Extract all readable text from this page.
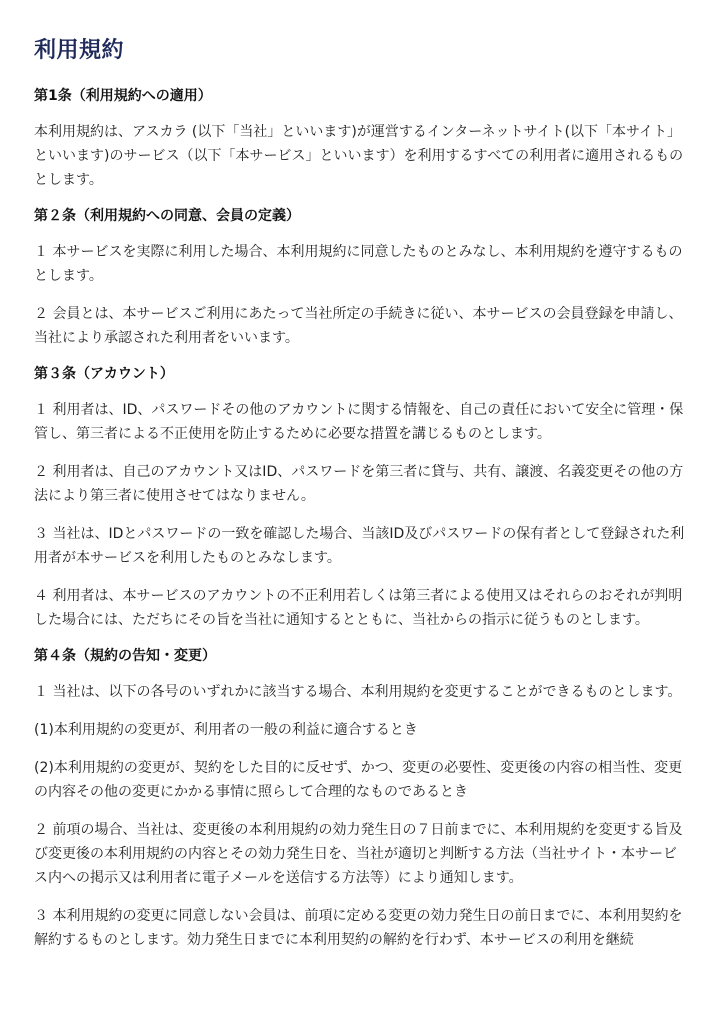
利用規約
第1条（利用規約への適用）

本利用規約は、アスカラ (以下「当社」といいます)が運営するインターネットサイト(以下「本サイト」といいます)のサービス（以下「本サービス」といいます）を利用するすべての利用者に適用されるものとします。

第２条（利用規約への同意、会員の定義）

１ 本サービスを実際に利用した場合、本利用規約に同意したものとみなし、本利用規約を遵守するものとします。

２ 会員とは、本サービスご利用にあたって当社所定の手続きに従い、本サービスの会員登録を申請し、当社により承認された利用者をいいます。

第３条（アカウント）

１ 利用者は、ID、パスワードその他のアカウントに関する情報を、自己の責任において安全に管理・保管し、第三者による不正使用を防止するために必要な措置を講じるものとします。

２ 利用者は、自己のアカウント又はID、パスワードを第三者に貸与、共有、譲渡、名義変更その他の方法により第三者に使用させてはなりません。

３ 当社は、IDとパスワードの一致を確認した場合、当該ID及びパスワードの保有者として登録された利用者が本サービスを利用したものとみなします。

４ 利用者は、本サービスのアカウントの不正利用若しくは第三者による使用又はそれらのおそれが判明した場合には、ただちにその旨を当社に通知するとともに、当社からの指示に従うものとします。

第４条（規約の告知・変更）

１ 当社は、以下の各号のいずれかに該当する場合、本利用規約を変更することができるものとします。

(1)本利用規約の変更が、利用者の一般の利益に適合するとき

(2)本利用規約の変更が、契約をした目的に反せず、かつ、変更の必要性、変更後の内容の相当性、変更の内容その他の変更にかかる事情に照らして合理的なものであるとき

２ 前項の場合、当社は、変更後の本利用規約の効力発生日の７日前までに、本利用規約を変更する旨及び変更後の本利用規約の内容とその効力発生日を、当社が適切と判断する方法（当社サイト・本サービス内への掲示又は利用者に電子メールを送信する方法等）により通知します。

３ 本利用規約の変更に同意しない会員は、前項に定める変更の効力発生日の前日までに、本利用契約を解約するものとします。効力発生日までに本利用契約の解約を行わず、本サービスの利用を継続
